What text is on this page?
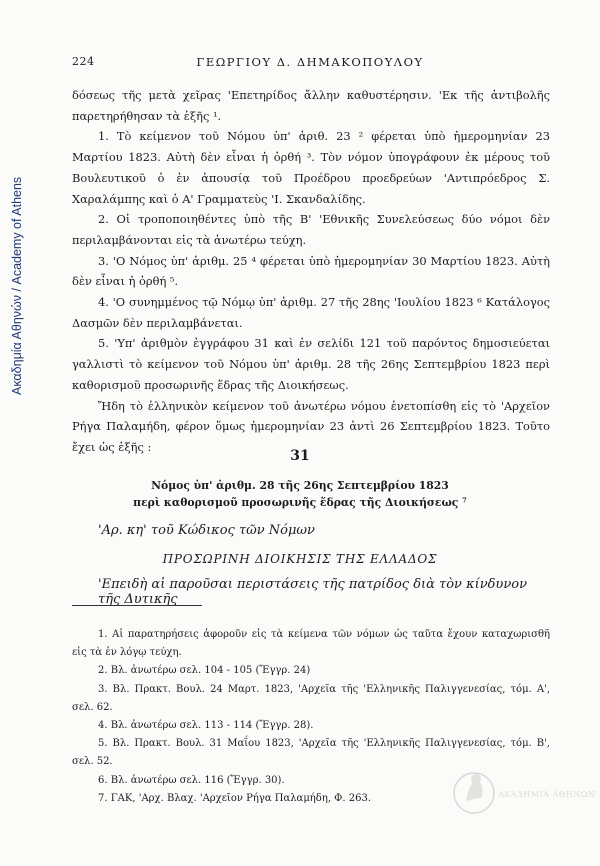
Ακαδημία Αθηνών / Academy of Athens
224	ΓΕΩΡΓΙΟΥ Δ. ΔΗΜΑΚΟΠΟΥΛΟΥ

δόσεως τῆς μετὰ χεῖρας 'Επετηρίδος ἄλλην καθυστέρησιν. 'Εκ τῆς ἀντιβολῆς παρετηρήθησαν τὰ ἑξῆς ¹.

1. Τὸ κείμενον τοῦ Νόμου ὑπ' ἀριθ. 23 ² φέρεται ὑπὸ ἡμερομηνίαν 23 Μαρτίου 1823. Αὐτὴ δὲν εἶναι ἡ ὀρθή ³. Τὸν νόμον ὑπογράφουν ἐκ μέρους τοῦ Βουλευτικοῦ ὁ ἐν ἀπουσίᾳ τοῦ Προέδρου προεδρεύων 'Αντιπρόεδρος Σ. Χαραλάμπης καὶ ὁ Α' Γραμματεὺς 'Ι. Σκανδαλίδης.

2. Οἱ τροποποιηθέντες ὑπὸ τῆς Β' 'Εθνικῆς Συνελεύσεως δύο νόμοι δὲν περιλαμβάνονται εἰς τὰ ἀνωτέρω τεύχη.

3. 'Ο Νόμος ὑπ' ἀριθμ. 25 ⁴ φέρεται ὑπὸ ἡμερομηνίαν 30 Μαρτίου 1823. Αὐτὴ δὲν εἶναι ἡ ὀρθή ⁵.

4. 'Ο συνημμένος τῷ Νόμῳ ὑπ' ἀριθμ. 27 τῆς 28ης 'Ιουλίου 1823 ⁶ Κατάλογος Δασμῶν δὲν περιλαμβάνεται.

5. 'Υπ' ἀριθμὸν ἐγγράφου 31 καὶ ἐν σελίδι 121 τοῦ παρόντος δημοσιεύεται γαλλιστὶ τὸ κείμενον τοῦ Νόμου ὑπ' ἀριθμ. 28 τῆς 26ης Σεπτεμβρίου 1823 περὶ καθορισμοῦ προσωρινῆς ἕδρας τῆς Διοικήσεως.

Ἤδη τὸ ἑλληνικὸν κείμενον τοῦ ἀνωτέρω νόμου ἐνετοπίσθη εἰς τὸ 'Αρχεῖον Ρήγα Παλαμήδη, φέρον ὅμως ἡμερομηνίαν 23 ἀντὶ 26 Σεπτεμβρίου 1823. Τοῦτο ἔχει ὡς ἑξῆς :

31
Νόμος ὑπ' ἀριθμ. 28 τῆς 26ης Σεπτεμβρίου 1823
περὶ καθορισμοῦ προσωρινῆς ἕδρας τῆς Διοικήσεως ⁷
'Αρ. κη' τοῦ Κώδικος τῶν Νόμων
ΠΡΟΣΩΡΙΝΗ ΔΙΟΙΚΗΣΙΣ ΤΗΣ ΕΛΛΑΔΟΣ
'Επειδὴ αἱ παροῦσαι περιστάσεις τῆς πατρίδος διὰ τὸν κίνδυνον τῆς Δυτικῆς

1. Αἱ παρατηρήσεις ἀφοροῦν εἰς τὰ κείμενα τῶν νόμων ὡς ταῦτα ἔχουν καταχωρισθῆ εἰς τὰ ἐν λόγῳ τεύχη.

2. Βλ. ἀνωτέρω σελ. 104 - 105 (Ἔγγρ. 24)

3. Βλ. Πρακτ. Βουλ. 24 Μαρτ. 1823, 'Αρχεῖα τῆς 'Ελληνικῆς Παλιγγενεσίας, τόμ. Α', σελ. 62.

4. Βλ. ἀνωτέρω σελ. 113 - 114 (Ἔγγρ. 28).

5. Βλ. Πρακτ. Βουλ. 31 Μαΐου 1823, 'Αρχεῖα τῆς 'Ελληνικῆς Παλιγγενεσίας, τόμ. Β', σελ. 52.

6. Βλ. ἀνωτέρω σελ. 116 (Ἔγγρ. 30).

7. ΓΑΚ, 'Αρχ. Βλαχ. 'Αρχεῖον Ρήγα Παλαμήδη, Φ. 263.	ΑΚΑΔΗΜΙΑ ΑΘΗΝΩΝ
